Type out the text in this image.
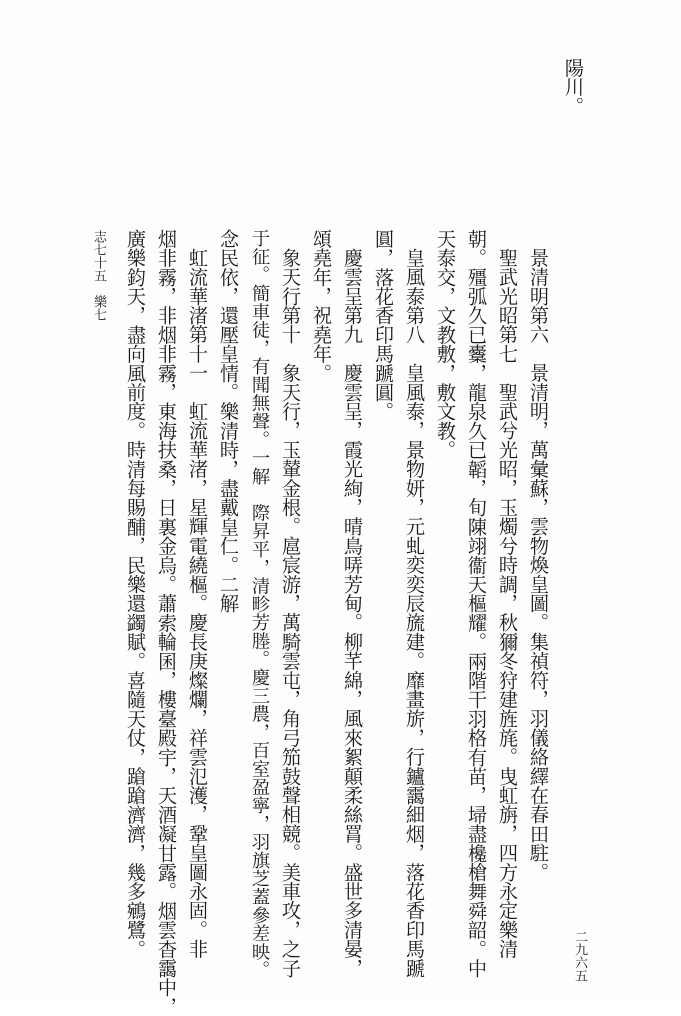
陽川。
景清明第六　景清明，萬彙蘇，雲物煥皇圖。集禎符，羽儀絡繹在春田駐。
聖武光昭第七　聖武兮光昭，玉燭兮時調，秋獮冬狩建旌旄。曳虹旃，四方永定樂清
朝。殭弧久已櫜，龍泉久已韜，旬陳翊衞天樞耀。兩階干羽格有苗，埽盡欃槍舞舜韶。中
天泰交，文教敷，敷文教。
皇風泰第八　皇風泰，景物妍，元虬奕奕辰旒建。靡畫旂，行鑪靄細烟，落花香印馬蹏
圓，落花香印馬蹏圓。
慶雲呈第九　慶雲呈，霞光絢，晴鳥哢芳甸。柳芊綿，風來絮顛柔絲罥。盛世多清晏，
頌堯年，祝堯年。
象天行第十　象天行，玉輦金根。扈宸游，萬騎雲屯，角弓笳鼓聲相競。美車攻，之子
于征。簡車徒，有聞無聲。一解　際昇平，清畛芳塍。慶三農，百室盈寧，羽旗芝蓋參差映。
念民依，還壓皇情。樂清時，盡戴皇仁。二解
虹流華渚第十一　虹流華渚，星輝電繞樞。慶長庚燦爛，祥雲氾濩，鞏皇圖永固。非
烟非霧，非烟非霧，東海扶桑，日裏金烏。蕭索輪囷，樓臺殿宇，天酒凝甘露。烟雲杳靄中，
廣樂鈞天，盡向風前度。時清每賜酺，民樂還蠲賦。喜隨天仗，蹌蹌濟濟，幾多鵷鷺。
志七十五　樂七
二九六五
